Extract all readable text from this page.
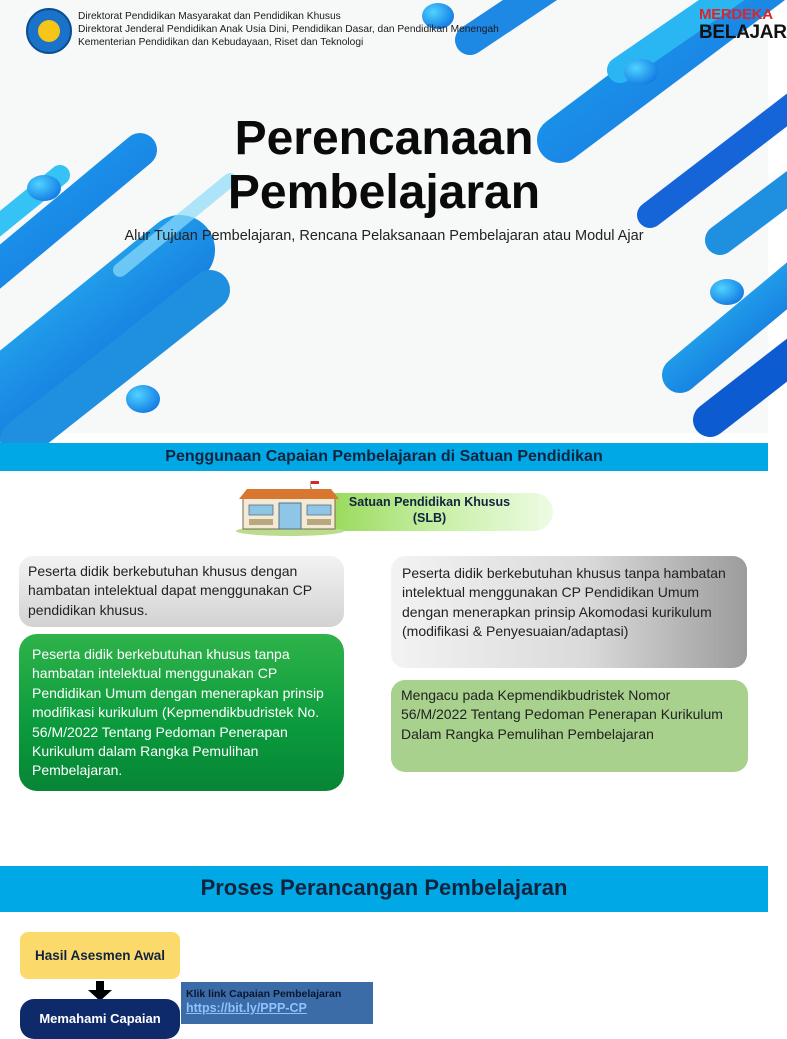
Direktorat Pendidikan Masyarakat dan Pendidikan Khusus
Direktorat Jenderal Pendidikan Anak Usia Dini, Pendidikan Dasar, dan Pendidikan Menengah
Kementerian Pendidikan dan Kebudayaan, Riset dan Teknologi
MERDEKA
BELAJAR
Perencanaan
Pembelajaran
Alur Tujuan Pembelajaran, Rencana Pelaksanaan Pembelajaran atau Modul Ajar
Penggunaan Capaian Pembelajaran di Satuan Pendidikan
Satuan Pendidikan Khusus
(SLB)
Peserta didik berkebutuhan khusus dengan hambatan intelektual dapat menggunakan CP pendidikan khusus.
Peserta didik berkebutuhan khusus tanpa hambatan intelektual menggunakan CP Pendidikan Umum dengan menerapkan prinsip modifikasi kurikulum (Kepmendikbudristek No. 56/M/2022 Tentang Pedoman Penerapan Kurikulum dalam Rangka Pemulihan Pembelajaran.
Peserta didik berkebutuhan khusus tanpa hambatan intelektual menggunakan CP Pendidikan Umum dengan menerapkan prinsip Akomodasi kurikulum (modifikasi & Penyesuaian/adaptasi)
Mengacu pada Kepmendikbudristek Nomor 56/M/2022 Tentang Pedoman Penerapan Kurikulum Dalam Rangka Pemulihan Pembelajaran
Proses Perancangan Pembelajaran
Hasil Asesmen Awal
Memahami Capaian
Klik link Capaian Pembelajaran
https://bit.ly/PPP-CP
